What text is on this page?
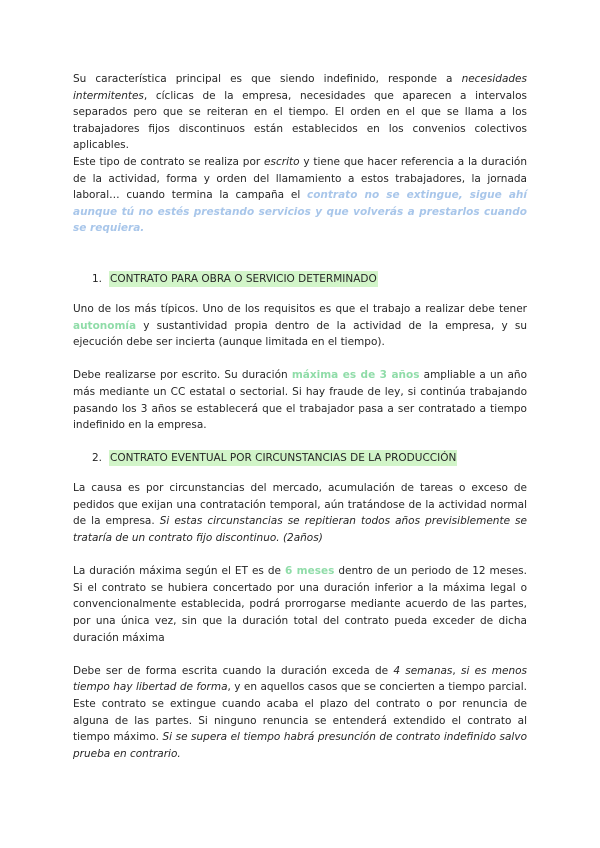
Su característica principal es que siendo indefinido, responde a necesidades intermitentes, cíclicas de la empresa, necesidades que aparecen a intervalos separados pero que se reiteran en el tiempo. El orden en el que se llama a los trabajadores fijos discontinuos están establecidos en los convenios colectivos aplicables.

Este tipo de contrato se realiza por escrito y tiene que hacer referencia a la duración de la actividad, forma y orden del llamamiento a estos trabajadores, la jornada laboral… cuando termina la campaña el contrato no se extingue, sigue ahí aunque tú no estés prestando servicios y que volverás a prestarlos cuando se requiera.

1. CONTRATO PARA OBRA O SERVICIO DETERMINADO

Uno de los más típicos. Uno de los requisitos es que el trabajo a realizar debe tener autonomía y sustantividad propia dentro de la actividad de la empresa, y su ejecución debe ser incierta (aunque limitada en el tiempo).

Debe realizarse por escrito. Su duración máxima es de 3 años ampliable a un año más mediante un CC estatal o sectorial. Si hay fraude de ley, si continúa trabajando pasando los 3 años se establecerá que el trabajador pasa a ser contratado a tiempo indefinido en la empresa.

2. CONTRATO EVENTUAL POR CIRCUNSTANCIAS DE LA PRODUCCIÓN

La causa es por circunstancias del mercado, acumulación de tareas o exceso de pedidos que exijan una contratación temporal, aún tratándose de la actividad normal de la empresa. Si estas circunstancias se repitieran todos años previsiblemente se trataría de un contrato fijo discontinuo. (2años)

La duración máxima según el ET es de 6 meses dentro de un periodo de 12 meses. Si el contrato se hubiera concertado por una duración inferior a la máxima legal o convencionalmente establecida, podrá prorrogarse mediante acuerdo de las partes, por una única vez, sin que la duración total del contrato pueda exceder de dicha duración máxima

Debe ser de forma escrita cuando la duración exceda de 4 semanas, si es menos tiempo hay libertad de forma, y en aquellos casos que se concierten a tiempo parcial. Este contrato se extingue cuando acaba el plazo del contrato o por renuncia de alguna de las partes. Si ninguno renuncia se entenderá extendido el contrato al tiempo máximo. Si se supera el tiempo habrá presunción de contrato indefinido salvo prueba en contrario.
